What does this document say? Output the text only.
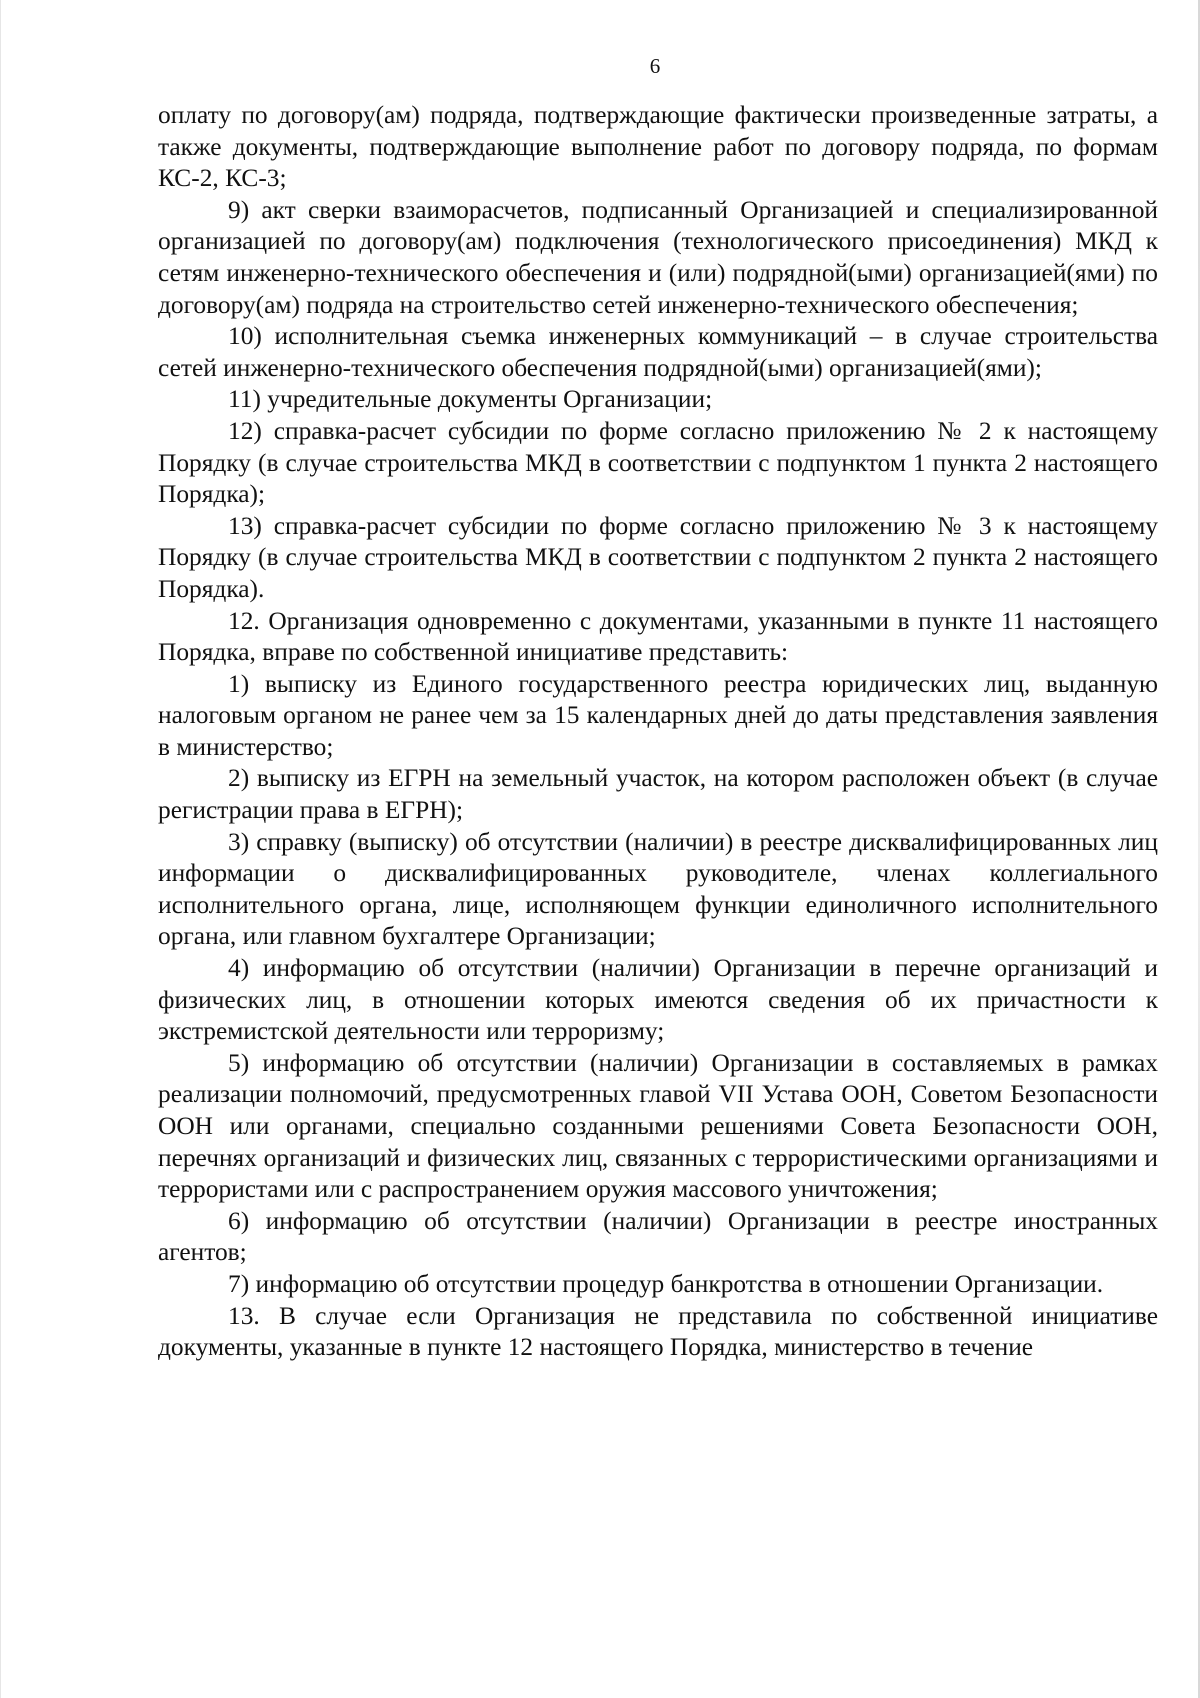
6

оплату по договору(ам) подряда, подтверждающие фактически произведенные затраты, а также документы, подтверждающие выполнение работ по договору подряда, по формам КС-2, КС-3;

9) акт сверки взаиморасчетов, подписанный Организацией и специализированной организацией по договору(ам) подключения (технологического присоединения) МКД к сетям инженерно-технического обеспечения и (или) подрядной(ыми) организацией(ями) по договору(ам) подряда на строительство сетей инженерно-технического обеспечения;

10) исполнительная съемка инженерных коммуникаций – в случае строительства сетей инженерно-технического обеспечения подрядной(ыми) организацией(ями);

11) учредительные документы Организации;

12) справка-расчет субсидии по форме согласно приложению № 2 к настоящему Порядку (в случае строительства МКД в соответствии с подпунктом 1 пункта 2 настоящего Порядка);

13) справка-расчет субсидии по форме согласно приложению № 3 к настоящему Порядку (в случае строительства МКД в соответствии с подпунктом 2 пункта 2 настоящего Порядка).

12. Организация одновременно с документами, указанными в пункте 11 настоящего Порядка, вправе по собственной инициативе представить:

1) выписку из Единого государственного реестра юридических лиц, выданную налоговым органом не ранее чем за 15 календарных дней до даты представления заявления в министерство;

2) выписку из ЕГРН на земельный участок, на котором расположен объект (в случае регистрации права в ЕГРН);

3) справку (выписку) об отсутствии (наличии) в реестре дисквалифицированных лиц информации о дисквалифицированных руководителе, членах коллегиального исполнительного органа, лице, исполняющем функции единоличного исполнительного органа, или главном бухгалтере Организации;

4) информацию об отсутствии (наличии) Организации в перечне организаций и физических лиц, в отношении которых имеются сведения об их причастности к экстремистской деятельности или терроризму;

5) информацию об отсутствии (наличии) Организации в составляемых в рамках реализации полномочий, предусмотренных главой VII Устава ООН, Советом Безопасности ООН или органами, специально созданными решениями Совета Безопасности ООН, перечнях организаций и физических лиц, связанных с террористическими организациями и террористами или с распространением оружия массового уничтожения;

6) информацию об отсутствии (наличии) Организации в реестре иностранных агентов;

7) информацию об отсутствии процедур банкротства в отношении Организации.

13. В случае если Организация не представила по собственной инициативе документы, указанные в пункте 12 настоящего Порядка, министерство в течение
